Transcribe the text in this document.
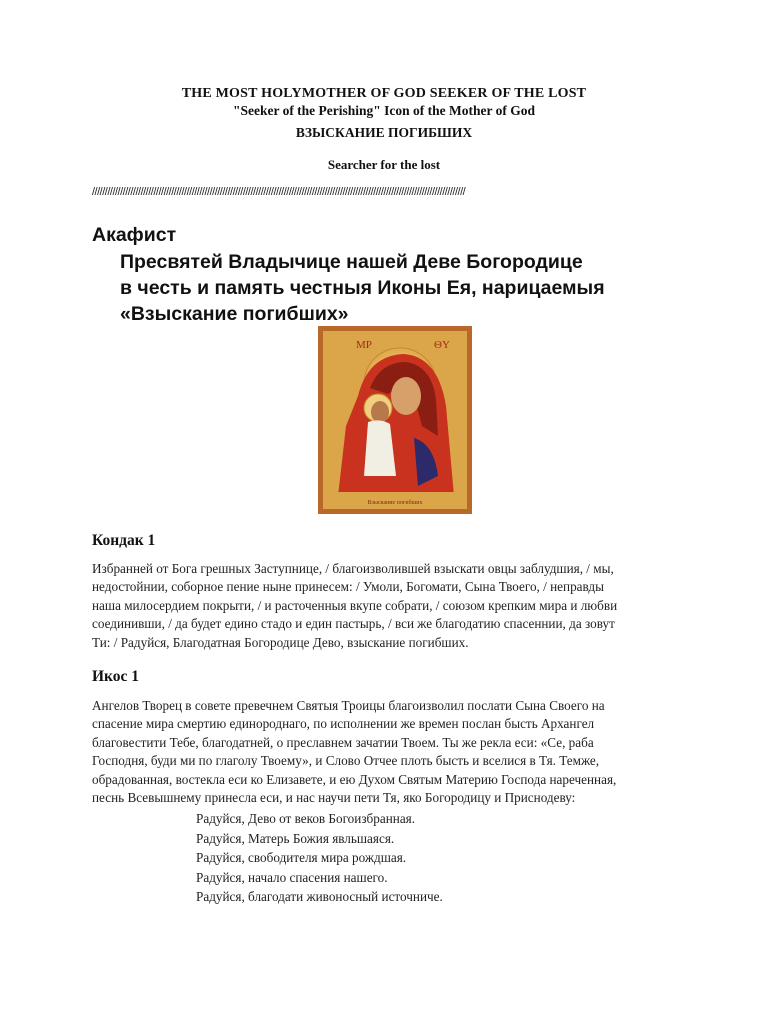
THE MOST HOLYMOTHER OF GOD SEEKER OF THE LOST
"Seeker of the Perishing" Icon of the Mother of God
ВЗЫСКАНИЕ ПОГИБШИХ
Searcher for the lost
//////////////////////////////////////////////////////////////////////////////////////////////////////////////////////////////////////////////////
Акафист
Пресвятей Владычице нашей Деве Богородице
в честь и память честныя Иконы Ея, нарицаемыя
«Взыскание погибших»
MP	ΘY
Взыскание погибших
Кондак 1
Избранней от Бога грешных Заступнице, / благоизволившей взыскати овцы заблудшия, / мы,
недостойнии, соборное пение ныне принесем: / Умоли, Богомати, Сына Твоего, / неправды
наша милосердием покрыти, / и расточенныя вкупе собрати, / союзом крепким мира и любви
соединивши, / да будет едино стадо и един пастырь, / вси же благодатию спасеннии, да зовут
Ти: / Радуйся, Благодатная Богородице Дево, взыскание погибших.
Икос 1
Ангелов Творец в совете превечнем Святыя Троицы благоизволил послати Сына Своего на
спасение мира смертию единороднаго, по исполнении же времен послан бысть Архангел
благовестити Тебе, благодатней, о преславнем зачатии Твоем. Ты же рекла еси: «Се, раба
Господня, буди ми по глаголу Твоему», и Слово Отчее плоть бысть и вселися в Тя. Темже,
обрадованная, востекла еси ко Елизавете, и ею Духом Святым Материю Господа нареченная,
песнь Всевышнему принесла еси, и нас научи пети Тя, яко Богородицу и Приснодеву:
Радуйся, Дево от веков Богоизбранная.
Радуйся, Матерь Божия явльшаяся.
Радуйся, свободителя мира рождшая.
Радуйся, начало спасения нашего.
Радуйся, благодати живоносный источниче.
